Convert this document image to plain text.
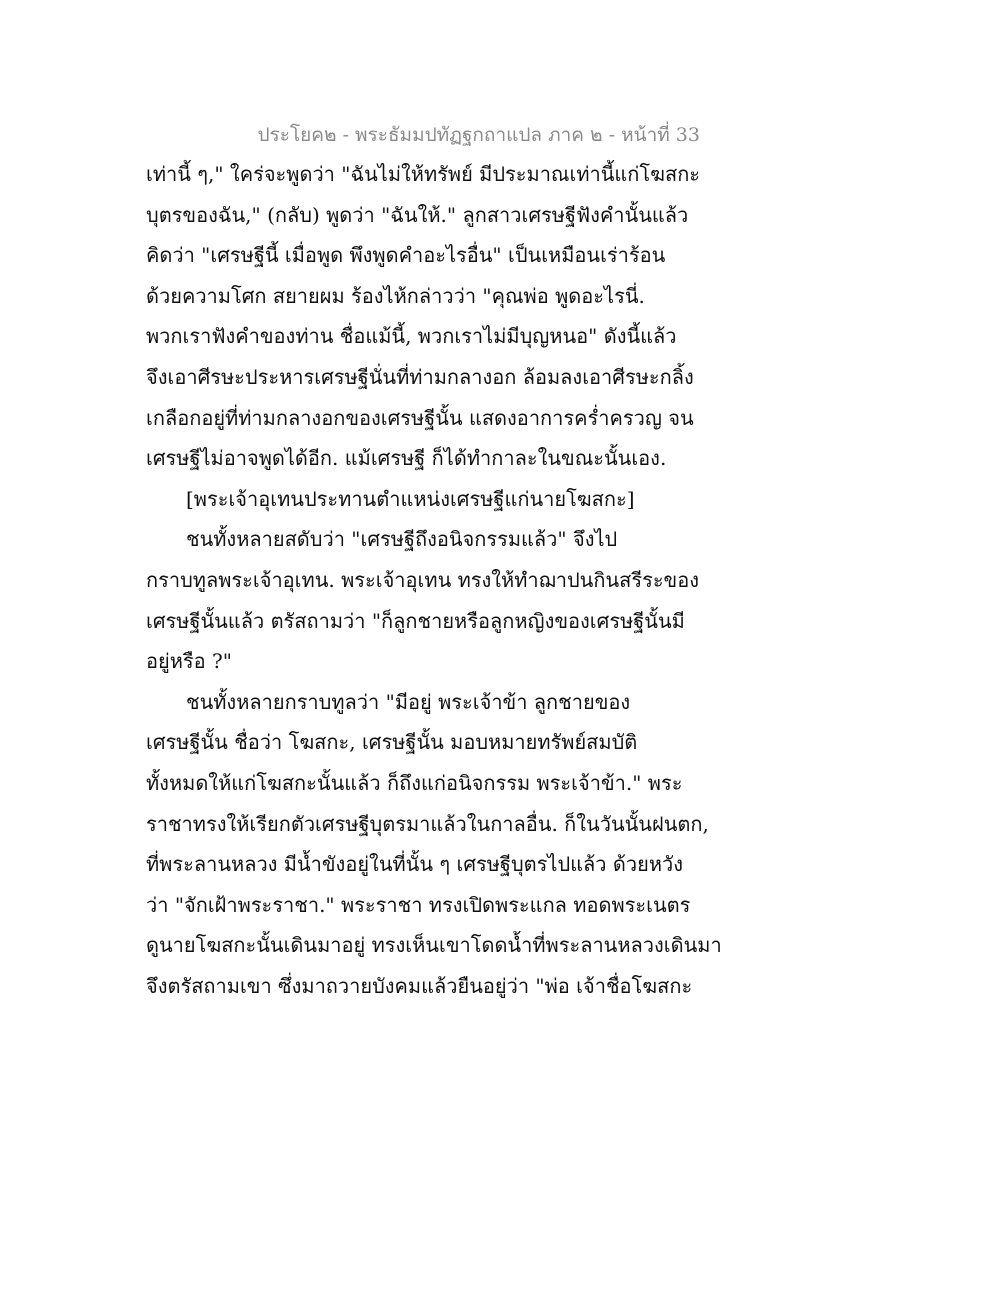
ประโยค๒ - พระธัมมปทัฏฐกถาแปล ภาค ๒ - หน้าที่ 33
เท่านี้ ๆ," ใคร่จะพูดว่า "ฉันไม่ให้ทรัพย์ มีประมาณเท่านี้แก่โฆสกะ
บุตรของฉัน," (กลับ) พูดว่า "ฉันให้." ลูกสาวเศรษฐีฟังคำนั้นแล้ว
คิดว่า "เศรษฐีนี้ เมื่อพูด พึงพูดคำอะไรอื่น" เป็นเหมือนเร่าร้อน
ด้วยความโศก สยายผม ร้องไห้กล่าวว่า "คุณพ่อ พูดอะไรนี่.
พวกเราฟังคำของท่าน ชื่อแม้นี้, พวกเราไม่มีบุญหนอ" ดังนี้แล้ว
จึงเอาศีรษะประหารเศรษฐีนั่นที่ท่ามกลางอก ล้อมลงเอาศีรษะกลิ้ง
เกลือกอยู่ที่ท่ามกลางอกของเศรษฐีนั้น แสดงอาการคร่ำครวญ จน
เศรษฐีไม่อาจพูดได้อีก. แม้เศรษฐี ก็ได้ทำกาละในขณะนั้นเอง.
[พระเจ้าอุเทนประทานตำแหน่งเศรษฐีแก่นายโฆสกะ]
ชนทั้งหลายสดับว่า "เศรษฐีถึงอนิจกรรมแล้ว" จึงไป
กราบทูลพระเจ้าอุเทน. พระเจ้าอุเทน ทรงให้ทำฌาปนกินสรีระของ
เศรษฐีนั้นแล้ว ตรัสถามว่า "ก็ลูกชายหรือลูกหญิงของเศรษฐีนั้นมี
อยู่หรือ ?"
ชนทั้งหลายกราบทูลว่า "มีอยู่ พระเจ้าข้า ลูกชายของ
เศรษฐีนั้น ชื่อว่า โฆสกะ, เศรษฐีนั้น มอบหมายทรัพย์สมบัติ
ทั้งหมดให้แก่โฆสกะนั้นแล้ว ก็ถึงแก่อนิจกรรม พระเจ้าข้า." พระ
ราชาทรงให้เรียกตัวเศรษฐีบุตรมาแล้วในกาลอื่น. ก็ในวันนั้นฝนตก,
ที่พระลานหลวง มีน้ำขังอยู่ในที่นั้น ๆ เศรษฐีบุตรไปแล้ว ด้วยหวัง
ว่า "จักเฝ้าพระราชา." พระราชา ทรงเปิดพระแกล ทอดพระเนตร
ดูนายโฆสกะนั้นเดินมาอยู่ ทรงเห็นเขาโดดน้ำที่พระลานหลวงเดินมา
จึงตรัสถามเขา ซึ่งมาถวายบังคมแล้วยืนอยู่ว่า "พ่อ เจ้าชื่อโฆสกะ
